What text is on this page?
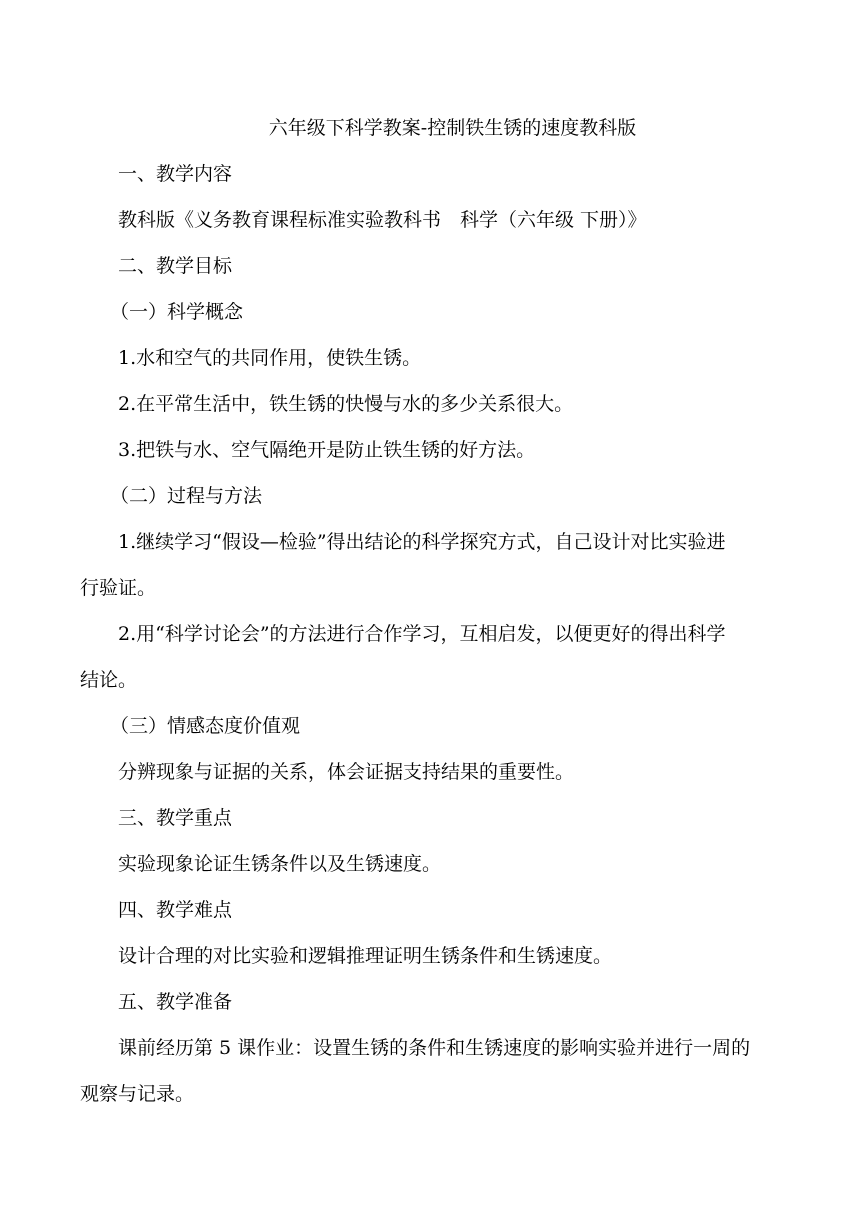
六年级下科学教案-控制铁生锈的速度教科版
一、教学内容
教科版《义务教育课程标准实验教科书　科学（六年级 下册）》
二、教学目标
（一）科学概念
1.水和空气的共同作用，使铁生锈。
2.在平常生活中，铁生锈的快慢与水的多少关系很大。
3.把铁与水、空气隔绝开是防止铁生锈的好方法。
（二）过程与方法
1.继续学习“假设—检验”得出结论的科学探究方式，自己设计对比实验进
行验证。
2.用“科学讨论会”的方法进行合作学习，互相启发，以便更好的得出科学
结论。
（三）情感态度价值观
分辨现象与证据的关系，体会证据支持结果的重要性。
三、教学重点
实验现象论证生锈条件以及生锈速度。
四、教学难点
设计合理的对比实验和逻辑推理证明生锈条件和生锈速度。
五、教学准备
课前经历第 5 课作业：设置生锈的条件和生锈速度的影响实验并进行一周的
观察与记录。
